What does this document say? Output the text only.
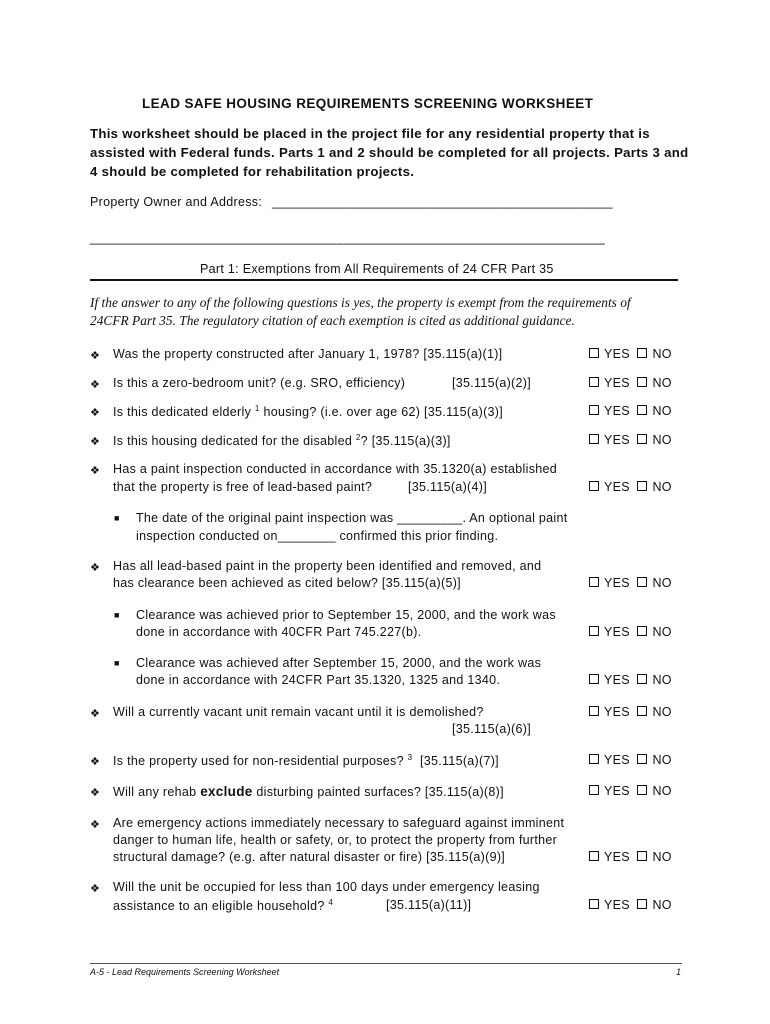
LEAD SAFE HOUSING REQUIREMENTS SCREENING WORKSHEET
This worksheet should be placed in the project file for any residential property that is assisted with Federal funds. Parts 1 and 2 should be completed for all projects. Parts 3 and 4 should be completed for rehabilitation projects.
Property Owner and Address: _______________________________________________
_______________________________________________________________________
Part 1: Exemptions from All Requirements of 24 CFR Part 35
If the answer to any of the following questions is yes, the property is exempt from the requirements of 24CFR Part 35. The regulatory citation of each exemption is cited as additional guidance.
❖ Was the property constructed after January 1, 1978? [35.115(a)(1)]	YES NO
❖ Is this a zero-bedroom unit? (e.g. SRO, efficiency)	[35.115(a)(2)]	YES NO
❖ Is this dedicated elderly $^1$ housing? (i.e. over age 62) [35.115(a)(3)]	YES NO
❖ Is this housing dedicated for the disabled $^2$? [35.115(a)(3)]	YES NO
❖ Has a paint inspection conducted in accordance with 35.1320(a) established
that the property is free of lead-based paint?	[35.115(a)(4)]	YES NO
■ The date of the original paint inspection was _________. An optional paint
inspection conducted on________ confirmed this prior finding.
❖ Has all lead-based paint in the property been identified and removed, and
has clearance been achieved as cited below? [35.115(a)(5)]	YES NO
■ Clearance was achieved prior to September 15, 2000, and the work was
done in accordance with 40CFR Part 745.227(b).	YES NO
■ Clearance was achieved after September 15, 2000, and the work was
done in accordance with 24CFR Part 35.1320, 1325 and 1340.	YES NO
❖ Will a currently vacant unit remain vacant until it is demolished?
[35.115(a)(6)]
YES NO
❖ Is the property used for non-residential purposes? $^3$ [35.115(a)(7)]	YES NO
❖ Will any rehab exclude disturbing painted surfaces? [35.115(a)(8)]	YES NO
❖ Are emergency actions immediately necessary to safeguard against imminent
danger to human life, health or safety, or, to protect the property from further
structural damage? (e.g. after natural disaster or fire) [35.115(a)(9)]	YES NO
❖ Will the unit be occupied for less than 100 days under emergency leasing
assistance to an eligible household? $^4$	[35.115(a)(11)]	YES NO
A-5 - Lead Requirements Screening Worksheet	1
